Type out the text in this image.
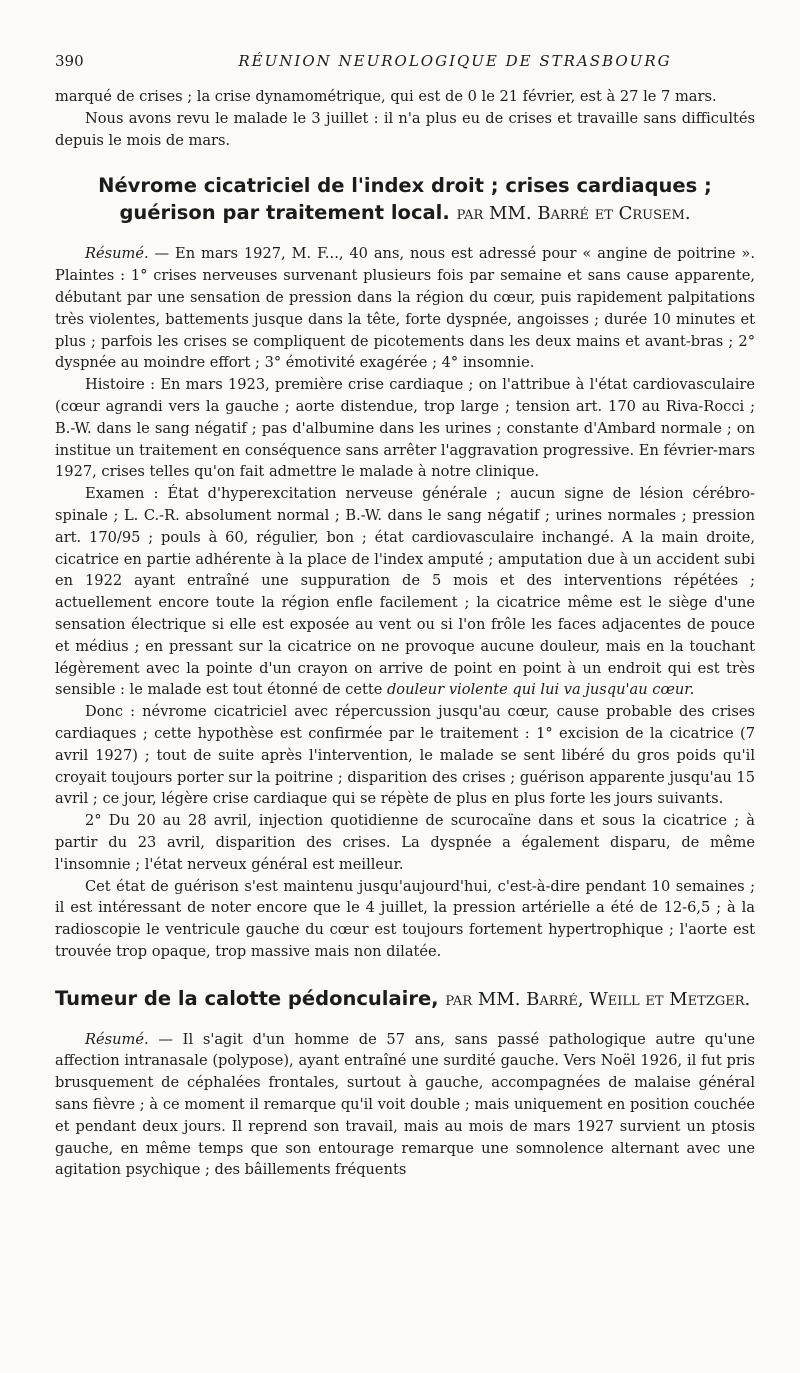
390	RÉUNION NEUROLOGIQUE DE STRASBOURG

marqué de crises ; la crise dynamométrique, qui est de 0 le 21 février, est à 27 le 7 mars.

Nous avons revu le malade le 3 juillet : il n'a plus eu de crises et travaille sans difficultés depuis le mois de mars.

Névrome cicatriciel de l'index droit ; crises cardiaques ; guérison par traitement local. par MM. Barré et Crusem.

Résumé. — En mars 1927, M. F..., 40 ans, nous est adressé pour « angine de poitrine ». Plaintes : 1° crises nerveuses survenant plusieurs fois par semaine et sans cause apparente, débutant par une sensation de pression dans la région du cœur, puis rapidement palpitations très violentes, battements jusque dans la tête, forte dyspnée, angoisses ; durée 10 minutes et plus ; parfois les crises se compliquent de picotements dans les deux mains et avant-bras ; 2° dyspnée au moindre effort ; 3° émotivité exagérée ; 4° insomnie.

Histoire : En mars 1923, première crise cardiaque ; on l'attribue à l'état cardiovasculaire (cœur agrandi vers la gauche ; aorte distendue, trop large ; tension art. 170 au Riva-Rocci ; B.-W. dans le sang négatif ; pas d'albumine dans les urines ; constante d'Ambard normale ; on institue un traitement en conséquence sans arrêter l'aggravation progressive. En février-mars 1927, crises telles qu'on fait admettre le malade à notre clinique.

Examen : État d'hyperexcitation nerveuse générale ; aucun signe de lésion cérébro-spinale ; L. C.-R. absolument normal ; B.-W. dans le sang négatif ; urines normales ; pression art. 170/95 ; pouls à 60, régulier, bon ; état cardiovasculaire inchangé. A la main droite, cicatrice en partie adhérente à la place de l'index amputé ; amputation due à un accident subi en 1922 ayant entraîné une suppuration de 5 mois et des interventions répétées ; actuellement encore toute la région enfle facilement ; la cicatrice même est le siège d'une sensation électrique si elle est exposée au vent ou si l'on frôle les faces adjacentes de pouce et médius ; en pressant sur la cicatrice on ne provoque aucune douleur, mais en la touchant légèrement avec la pointe d'un crayon on arrive de point en point à un endroit qui est très sensible : le malade est tout étonné de cette douleur violente qui lui va jusqu'au cœur.

Donc : névrome cicatriciel avec répercussion jusqu'au cœur, cause probable des crises cardiaques ; cette hypothèse est confirmée par le traitement : 1° excision de la cicatrice (7 avril 1927) ; tout de suite après l'intervention, le malade se sent libéré du gros poids qu'il croyait toujours porter sur la poitrine ; disparition des crises ; guérison apparente jusqu'au 15 avril ; ce jour, légère crise cardiaque qui se répète de plus en plus forte les jours suivants.

2° Du 20 au 28 avril, injection quotidienne de scurocaïne dans et sous la cicatrice ; à partir du 23 avril, disparition des crises. La dyspnée a également disparu, de même l'insomnie ; l'état nerveux général est meilleur.

Cet état de guérison s'est maintenu jusqu'aujourd'hui, c'est-à-dire pendant 10 semaines ; il est intéressant de noter encore que le 4 juillet, la pression artérielle a été de 12-6,5 ; à la radioscopie le ventricule gauche du cœur est toujours fortement hypertrophique ; l'aorte est trouvée trop opaque, trop massive mais non dilatée.

Tumeur de la calotte pédonculaire, par MM. Barré, Weill et Metzger.

Résumé. — Il s'agit d'un homme de 57 ans, sans passé pathologique autre qu'une affection intranasale (polypose), ayant entraîné une surdité gauche. Vers Noël 1926, il fut pris brusquement de céphalées frontales, surtout à gauche, accompagnées de malaise général sans fièvre ; à ce moment il remarque qu'il voit double ; mais uniquement en position couchée et pendant deux jours. Il reprend son travail, mais au mois de mars 1927 survient un ptosis gauche, en même temps que son entourage remarque une somnolence alternant avec une agitation psychique ; des bâillements fréquents
